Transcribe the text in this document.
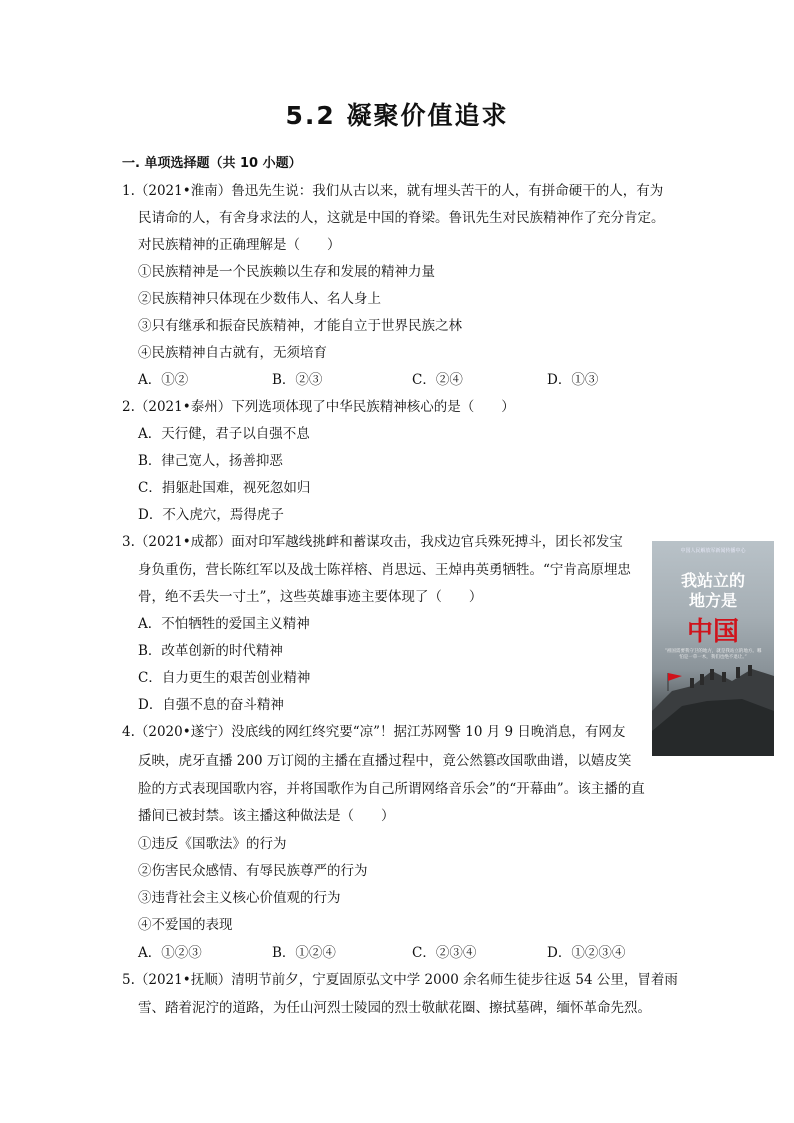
5.2 凝聚价值追求
一. 单项选择题（共 10 小题）
1.（2021•淮南）鲁迅先生说：我们从古以来，就有埋头苦干的人，有拼命硬干的人，有为
民请命的人，有舍身求法的人，这就是中国的脊梁。鲁讯先生对民族精神作了充分肯定。
对民族精神的正确理解是（　　）
①民族精神是一个民族赖以生存和发展的精神力量
②民族精神只体现在少数伟人、名人身上
③只有继承和振奋民族精神，才能自立于世界民族之林
④民族精神自古就有，无须培育
A．①②	B．②③	C．②④	D．①③
2.（2021•泰州）下列选项体现了中华民族精神核心的是（　　）
A．天行健，君子以自强不息
B．律己宽人，扬善抑恶
C．捐躯赴国难，视死忽如归
D．不入虎穴，焉得虎子
3.（2021•成都）面对印军越线挑衅和蓄谋攻击，我戍边官兵殊死搏斗，团长祁发宝
身负重伤，营长陈红军以及战士陈祥榕、肖思远、王焯冉英勇牺牲。“宁肯高原埋忠
骨，绝不丢失一寸土”，这些英雄事迹主要体现了（　　）
A．不怕牺牲的爱国主义精神
B．改革创新的时代精神
C．自力更生的艰苦创业精神
D．自强不息的奋斗精神
中国人民解放军新闻传播中心
我站立的
地方是
中国
“祖国需要我守卫的地方，就是我站立的地方。哪怕是一草一木，我们也绝不退让。”
4.（2020•遂宁）没底线的网红终究要“凉”！据江苏网警 10 月 9 日晚消息，有网友
反映，虎牙直播 200 万订阅的主播在直播过程中，竟公然篡改国歌曲谱，以嬉皮笑
脸的方式表现国歌内容，并将国歌作为自己所谓网络音乐会”的“开幕曲”。该主播的直
播间已被封禁。该主播这种做法是（　　）
①违反《国歌法》的行为
②伤害民众感情、有辱民族尊严的行为
③违背社会主义核心价值观的行为
④不爱国的表现
A．①②③	B．①②④	C．②③④	D．①②③④
5.（2021•抚顺）清明节前夕，宁夏固原弘文中学 2000 余名师生徒步往返 54 公里，冒着雨
雪、踏着泥泞的道路，为任山河烈士陵园的烈士敬献花圈、擦拭墓碑，缅怀革命先烈。
